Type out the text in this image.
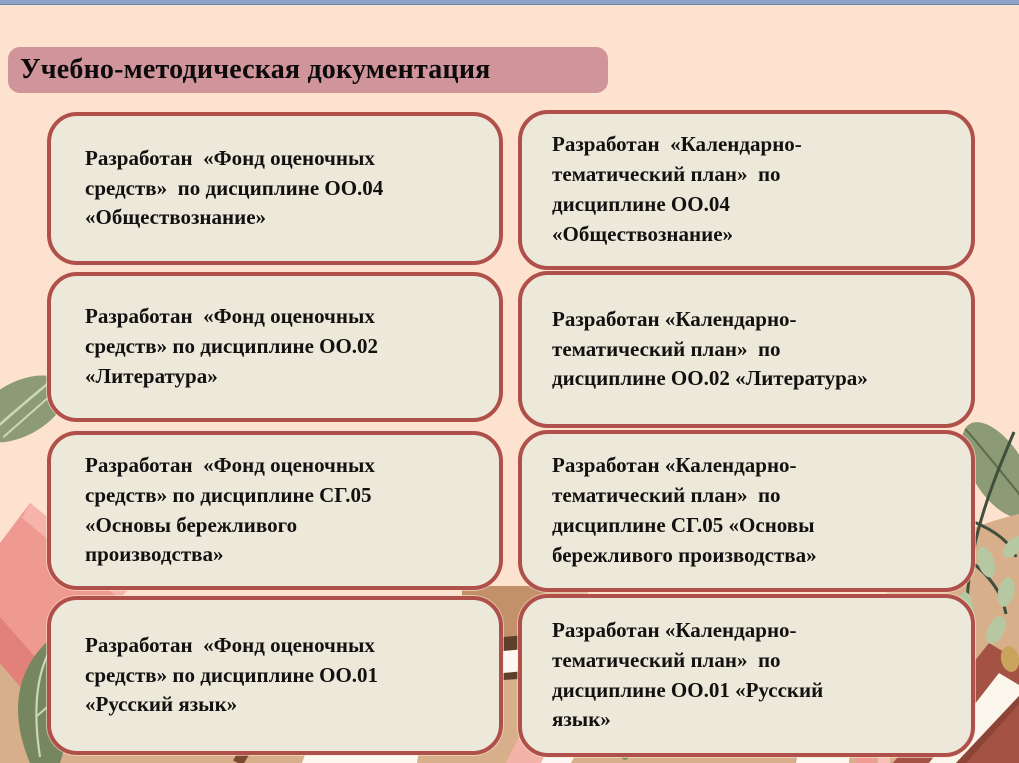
Учебно-методическая документация

Разработан  «Фонд оценочных средств»  по дисциплине ОО.04 «Обществознание»

Разработан  «Фонд оценочных средств» по дисциплине ОО.02 «Литература»

Разработан  «Фонд оценочных средств» по дисциплине СГ.05 «Основы бережливого производства»

Разработан  «Фонд оценочных средств» по дисциплине ОО.01 «Русский язык»

Разработан  «Календарно-тематический план»  по дисциплине ОО.04 «Обществознание»

Разработан «Календарно-тематический план»  по дисциплине ОО.02 «Литература»

Разработан «Календарно-тематический план»  по дисциплине СГ.05 «Основы бережливого производства»

Разработан «Календарно-тематический план»  по дисциплине ОО.01 «Русский язык»
